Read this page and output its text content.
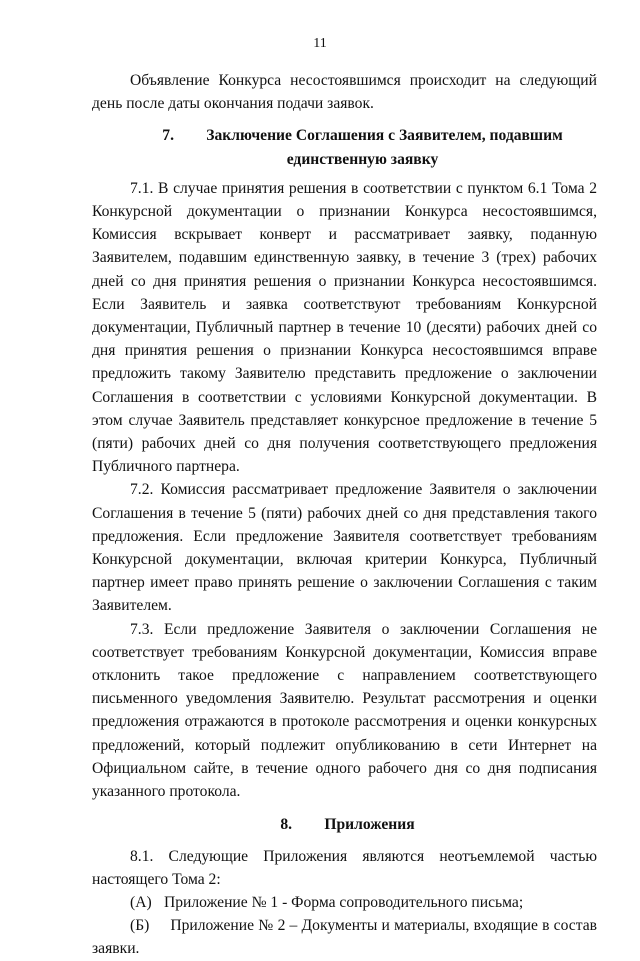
11

Объявление Конкурса несостоявшимся происходит на следующий день после даты окончания подачи заявок.

7. Заключение Соглашения с Заявителем, подавшим
единственную заявку

7.1. В случае принятия решения в соответствии с пунктом 6.1 Тома 2 Конкурсной документации о признании Конкурса несостоявшимся, Комиссия вскрывает конверт и рассматривает заявку, поданную Заявителем, подавшим единственную заявку, в течение 3 (трех) рабочих дней со дня принятия решения о признании Конкурса несостоявшимся. Если Заявитель и заявка соответствуют требованиям Конкурсной документации, Публичный партнер в течение 10 (десяти) рабочих дней со дня принятия решения о признании Конкурса несостоявшимся вправе предложить такому Заявителю представить предложение о заключении Соглашения в соответствии с условиями Конкурсной документации. В этом случае Заявитель представляет конкурсное предложение в течение 5 (пяти) рабочих дней со дня получения соответствующего предложения Публичного партнера.

7.2. Комиссия рассматривает предложение Заявителя о заключении Соглашения в течение 5 (пяти) рабочих дней со дня представления такого предложения. Если предложение Заявителя соответствует требованиям Конкурсной документации, включая критерии Конкурса, Публичный партнер имеет право принять решение о заключении Соглашения с таким Заявителем.

7.3. Если предложение Заявителя о заключении Соглашения не соответствует требованиям Конкурсной документации, Комиссия вправе отклонить такое предложение с направлением соответствующего письменного уведомления Заявителю. Результат рассмотрения и оценки предложения отражаются в протоколе рассмотрения и оценки конкурсных предложений, который подлежит опубликованию в сети Интернет на Официальном сайте, в течение одного рабочего дня со дня подписания указанного протокола.

8. Приложения

8.1. Следующие Приложения являются неотъемлемой частью настоящего Тома 2:

(А) Приложение № 1 - Форма сопроводительного письма;

(Б) Приложение № 2 – Документы и материалы, входящие в состав заявки.
